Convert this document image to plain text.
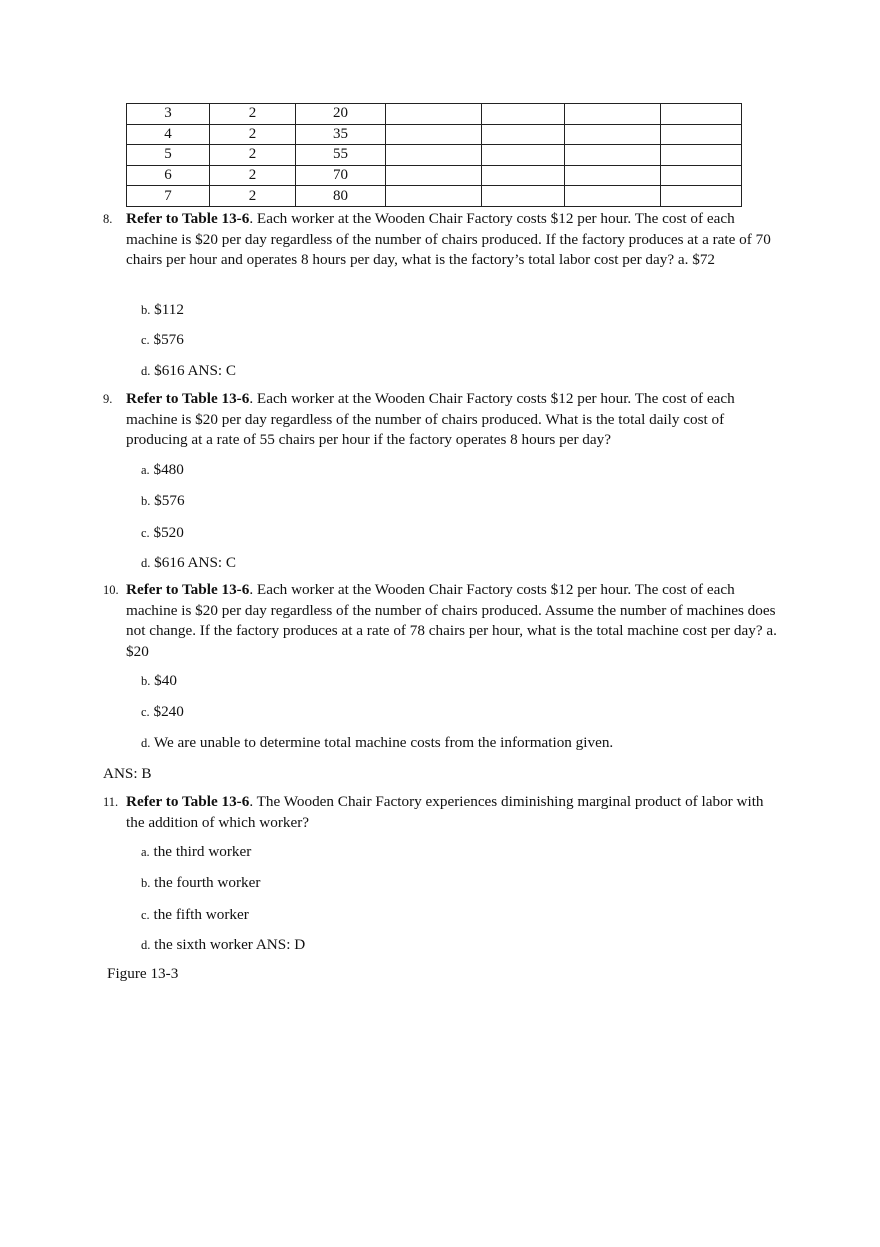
3	2	20				
4	2	35				
5	2	55				
6	2	70				
7	2	80				
8. Refer to Table 13-6. Each worker at the Wooden Chair Factory costs $12 per hour. The cost of each machine is $20 per day regardless of the number of chairs produced. If the factory produces at a rate of 70 chairs per hour and operates 8 hours per day, what is the factory’s total labor cost per day? a. $72
b. $112
c. $576
d. $616 ANS: C
9. Refer to Table 13-6. Each worker at the Wooden Chair Factory costs $12 per hour. The cost of each machine is $20 per day regardless of the number of chairs produced. What is the total daily cost of producing at a rate of 55 chairs per hour if the factory operates 8 hours per day?
a. $480
b. $576
c. $520
d. $616 ANS: C
10. Refer to Table 13-6. Each worker at the Wooden Chair Factory costs $12 per hour. The cost of each machine is $20 per day regardless of the number of chairs produced. Assume the number of machines does not change. If the factory produces at a rate of 78 chairs per hour, what is the total machine cost per day? a. $20
b. $40
c. $240
d. We are unable to determine total machine costs from the information given.
ANS: B
11. Refer to Table 13-6. The Wooden Chair Factory experiences diminishing marginal product of labor with the addition of which worker?
a. the third worker
b. the fourth worker
c. the fifth worker
d. the sixth worker ANS: D
Figure 13-3
